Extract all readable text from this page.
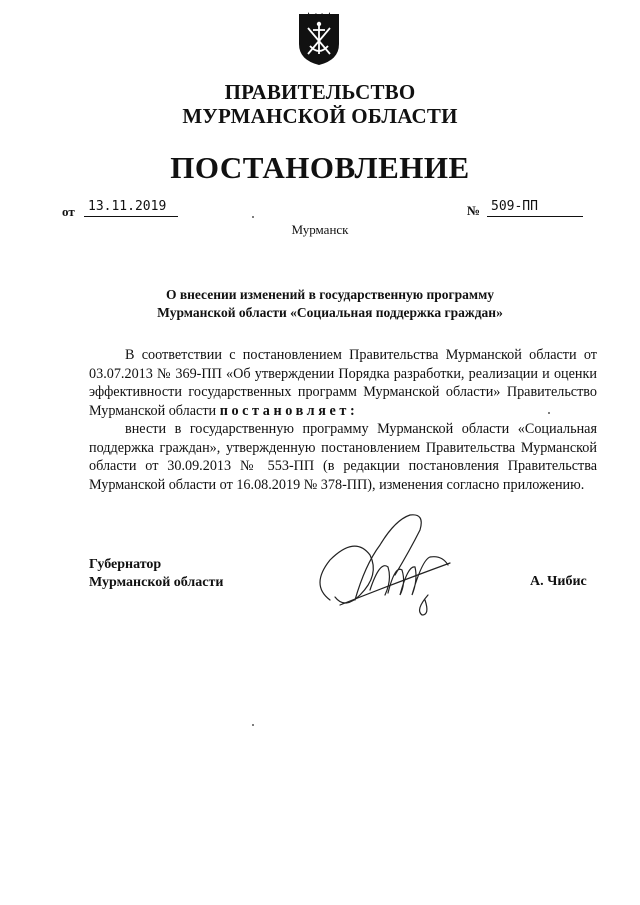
ПРАВИТЕЛЬСТВО
МУРМАНСКОЙ ОБЛАСТИ
ПОСТАНОВЛЕНИЕ
от	13.11.2019	№ 509-ПП
Мурманск
О внесении изменений в государственную программу
Мурманской области «Социальная поддержка граждан»
В соответствии с постановлением Правительства Мурманской области от 03.07.2013 № 369-ПП «Об утверждении Порядка разработки, реализации и оценки эффективности государственных программ Мурманской области» Правительство Мурманской области постановляет:
внести в государственную программу Мурманской области «Социальная поддержка граждан», утвержденную постановлением Правительства Мурманской области от 30.09.2013 № 553-ПП (в редакции постановления Правительства Мурманской области от 16.08.2019 № 378-ПП), изменения согласно приложению.
Губернатор
Мурманской области	А. Чибис
